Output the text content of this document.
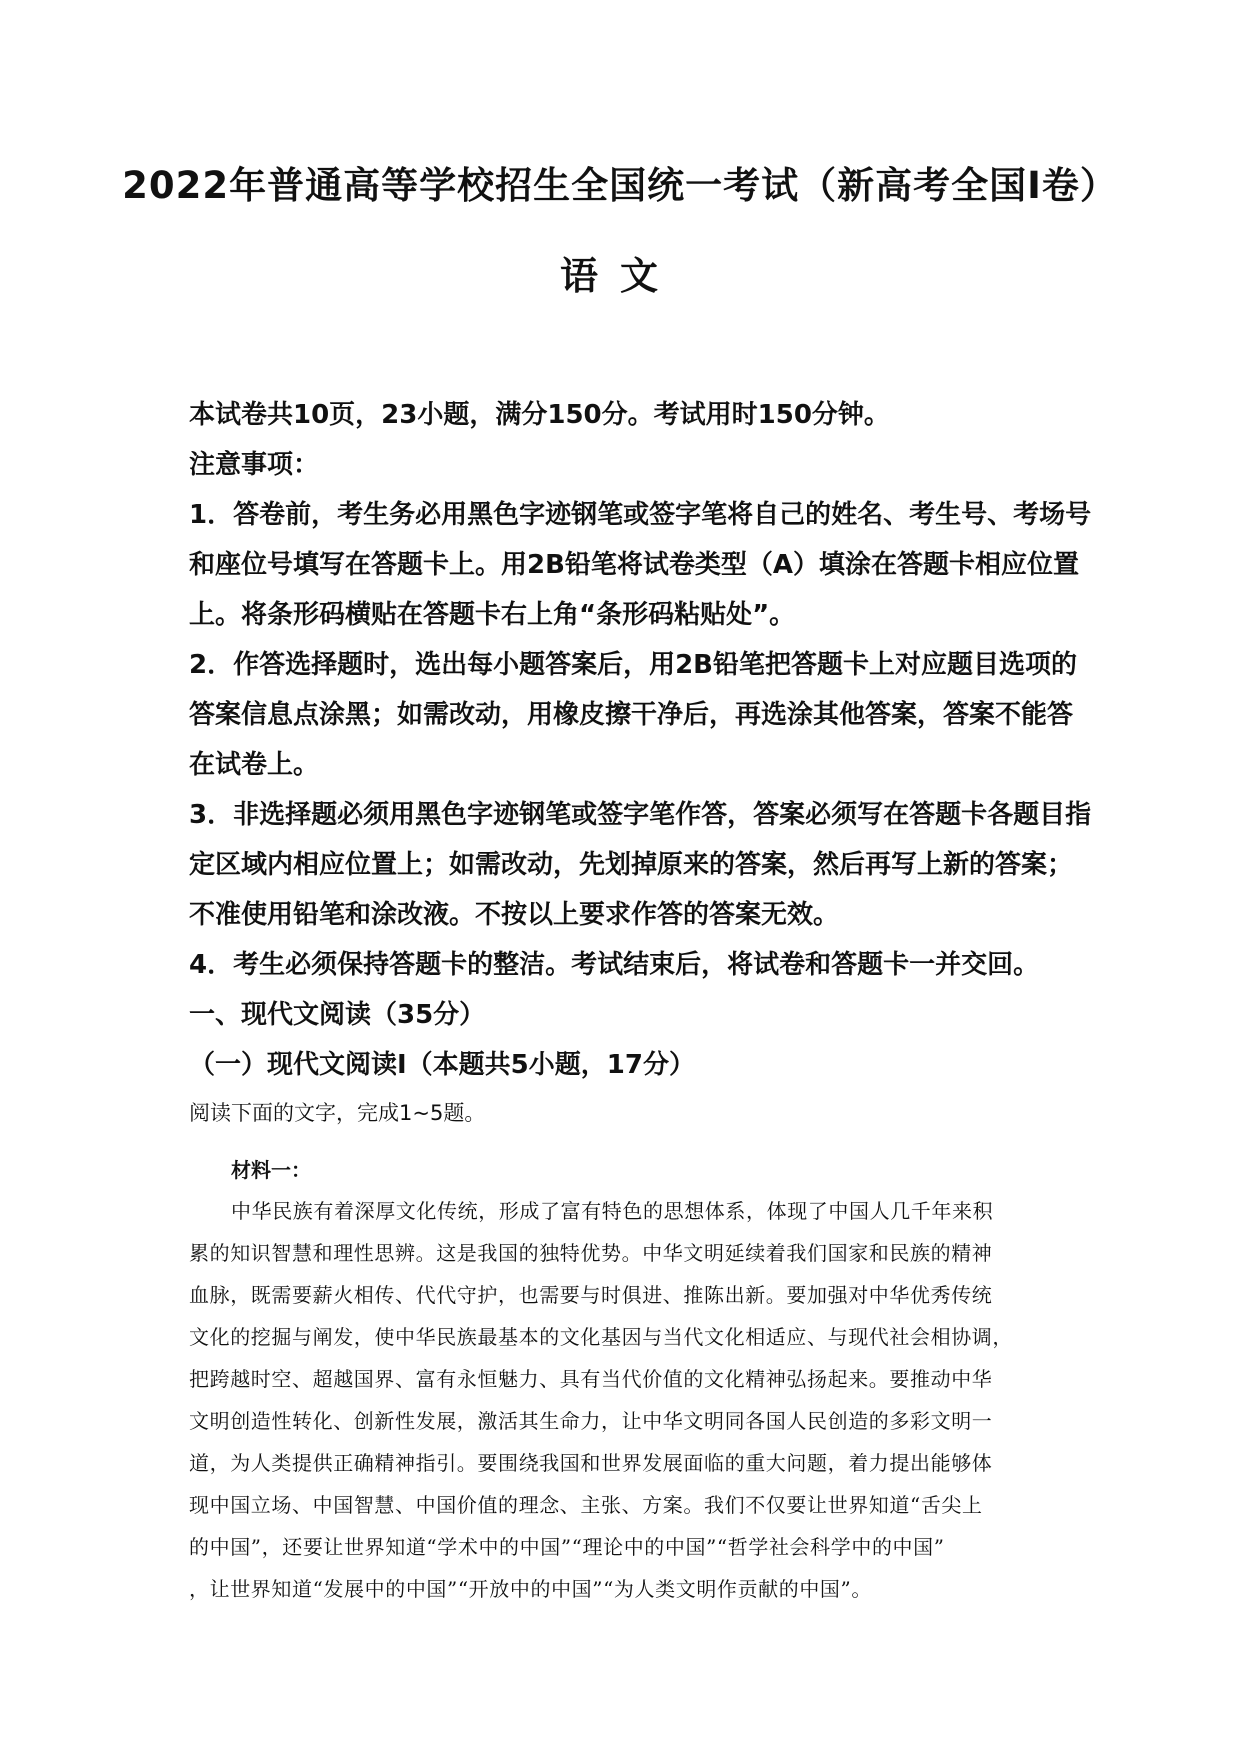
2022年普通高等学校招生全国统一考试（新高考全国Ⅰ卷）
语文
本试卷共10页，23小题，满分150分。考试用时150分钟。
注意事项：
1．答卷前，考生务必用黑色字迹钢笔或签字笔将自己的姓名、考生号、考场号
和座位号填写在答题卡上。用2B铅笔将试卷类型（A）填涂在答题卡相应位置
上。将条形码横贴在答题卡右上角“条形码粘贴处”。
2．作答选择题时，选出每小题答案后，用2B铅笔把答题卡上对应题目选项的
答案信息点涂黑；如需改动，用橡皮擦干净后，再选涂其他答案，答案不能答
在试卷上。
3．非选择题必须用黑色字迹钢笔或签字笔作答，答案必须写在答题卡各题目指
定区域内相应位置上；如需改动，先划掉原来的答案，然后再写上新的答案；
不准使用铅笔和涂改液。不按以上要求作答的答案无效。
4．考生必须保持答题卡的整洁。考试结束后，将试卷和答题卡一并交回。
一、现代文阅读（35分）
（一）现代文阅读Ⅰ（本题共5小题，17分）
阅读下面的文字，完成1~5题。
材料一：
中华民族有着深厚文化传统，形成了富有特色的思想体系，体现了中国人几千年来积
累的知识智慧和理性思辨。这是我国的独特优势。中华文明延续着我们国家和民族的精神
血脉，既需要薪火相传、代代守护，也需要与时俱进、推陈出新。要加强对中华优秀传统
文化的挖掘与阐发，使中华民族最基本的文化基因与当代文化相适应、与现代社会相协调，
把跨越时空、超越国界、富有永恒魅力、具有当代价值的文化精神弘扬起来。要推动中华
文明创造性转化、创新性发展，激活其生命力，让中华文明同各国人民创造的多彩文明一
道，为人类提供正确精神指引。要围绕我国和世界发展面临的重大问题，着力提出能够体
现中国立场、中国智慧、中国价值的理念、主张、方案。我们不仅要让世界知道“舌尖上
的中国”，还要让世界知道“学术中的中国”“理论中的中国”“哲学社会科学中的中国”
，让世界知道“发展中的中国”“开放中的中国”“为人类文明作贡献的中国”。
